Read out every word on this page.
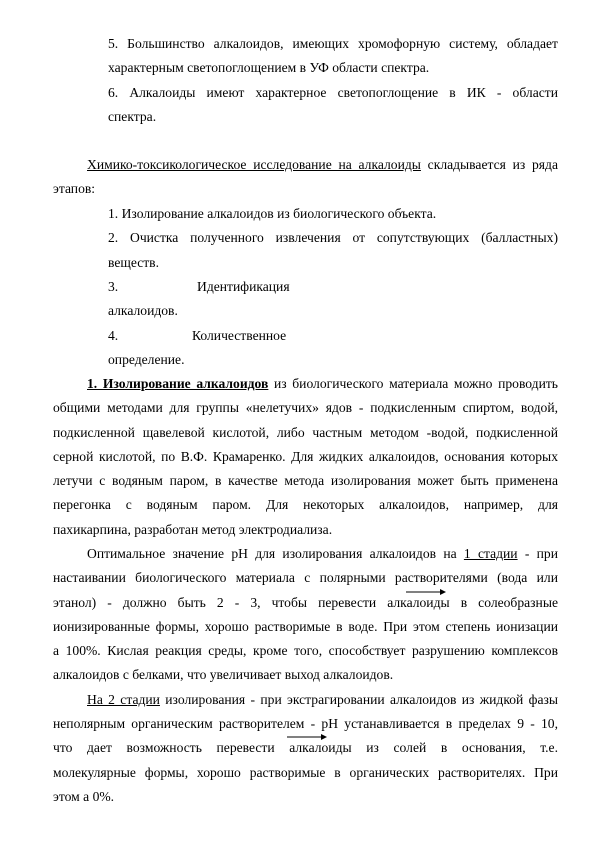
5. Большинство алкалоидов, имеющих хромофорную систему, обладает
характерным светопоглощением в УФ области спектра.
6. Алкалоиды имеют характерное светопоглощение в ИК - области
спектра.
Химико-токсикологическое исследование на алкалоиды складывается из ряда
этапов:
1. Изолирование алкалоидов из биологического объекта.
2. Очистка полученного извлечения от сопутствующих (балластных)
веществ.
3.	Идентификация
алкалоидов.
4.	Количественное
определение.
1. Изолирование алкалоидов из биологического материала можно проводить
общими методами для группы «нелетучих» ядов - подкисленным спиртом, водой,
подкисленной щавелевой кислотой, либо частным методом -водой, подкисленной
серной кислотой, по В.Ф. Крамаренко. Для жидких алкалоидов, основания которых
летучи с водяным паром, в качестве метода изолирования может быть применена
перегонка с водяным паром. Для некоторых алкалоидов, например, для
пахикарпина, разработан метод электродиализа.
Оптимальное значение рН для изолирования алкалоидов на 1 стадии - при
настаивании биологического материала с полярными растворителями (вода или
этанол) - должно быть 2 - 3, чтобы перевести алкалоиды в солеобразные
ионизированные формы, хорошо растворимые в воде. При этом степень ионизации
а 100%. Кислая реакция среды, кроме того, способствует разрушению комплексов
алкалоидов с белками, что увеличивает выход алкалоидов.
На 2 стадии изолирования - при экстрагировании алкалоидов из жидкой фазы
неполярным органическим растворителем - рН устанавливается в пределах 9 - 10,
что дает возможность перевести алкалоиды из солей в основания, т.е.
молекулярные формы, хорошо растворимые в органических растворителях. При
этом а 0%.
